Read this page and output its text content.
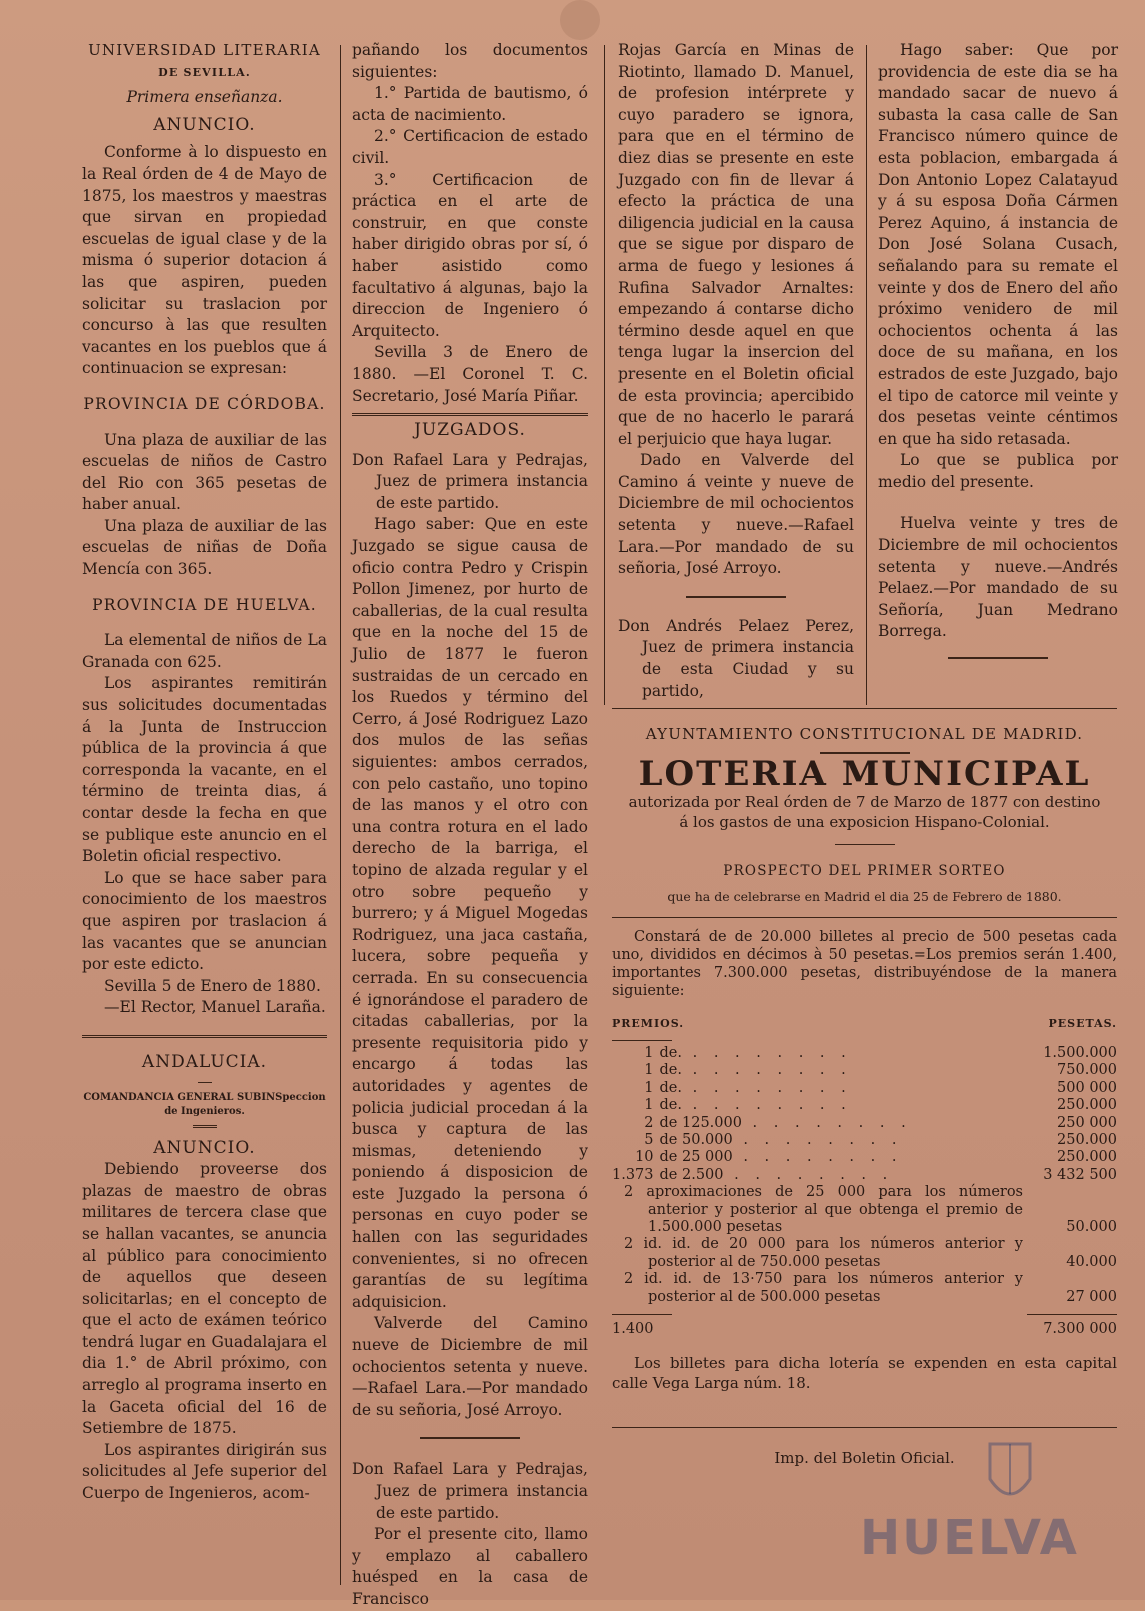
UNIVERSIDAD LITERARIA

DE SEVILLA.

Primera enseñanza.

ANUNCIO.

Conforme à lo dispuesto en la Real órden de 4 de Mayo de 1875, los maestros y maestras que sirvan en propiedad escuelas de igual clase y de la misma ó superior dotacion á las que aspiren, pueden solicitar su traslacion por concurso à las que resulten vacantes en los pueblos que á continuacion se expresan:

PROVINCIA DE CÓRDOBA.

Una plaza de auxiliar de las escuelas de niños de Castro del Rio con 365 pesetas de haber anual.

Una plaza de auxiliar de las escuelas de niñas de Doña Mencía con 365.

PROVINCIA DE HUELVA.

La elemental de niños de La Granada con 625.

Los aspirantes remitirán sus solicitudes documentadas á la Junta de Instruccion pública de la provincia á que corresponda la vacante, en el término de treinta dias, á contar desde la fecha en que se publique este anuncio en el Boletin oficial respectivo.

Lo que se hace saber para conocimiento de los maestros que aspiren por traslacion á las vacantes que se anuncian por este edicto.

Sevilla 5 de Enero de 1880.

—El Rector, Manuel Laraña.

ANDALUCIA.

COMANDANCIA GENERAL SUBINSpeccion de Ingenieros.

ANUNCIO.

Debiendo proveerse dos plazas de maestro de obras militares de tercera clase que se hallan vacantes, se anuncia al público para conocimiento de aquellos que deseen solicitarlas; en el concepto de que el acto de exámen teórico tendrá lugar en Guadalajara el dia 1.° de Abril próximo, con arreglo al programa inserto en la Gaceta oficial del 16 de Setiembre de 1875.

Los aspirantes dirigirán sus solicitudes al Jefe superior del Cuerpo de Ingenieros, acom-

pañando los documentos siguientes:

1.° Partida de bautismo, ó acta de nacimiento.

2.° Certificacion de estado civil.

3.° Certificacion de práctica en el arte de construir, en que conste haber dirigido obras por sí, ó haber asistido como facultativo á algunas, bajo la direccion de Ingeniero ó Arquitecto.

Sevilla 3 de Enero de 1880. —El Coronel T. C. Secretario, José María Piñar.

JUZGADOS.

Don Rafael Lara y Pedrajas, Juez de primera instancia de este partido.

Hago saber: Que en este Juzgado se sigue causa de oficio contra Pedro y Crispin Pollon Jimenez, por hurto de caballerias, de la cual resulta que en la noche del 15 de Julio de 1877 le fueron sustraidas de un cercado en los Ruedos y término del Cerro, á José Rodriguez Lazo dos mulos de las señas siguientes: ambos cerrados, con pelo castaño, uno topino de las manos y el otro con una contra rotura en el lado derecho de la barriga, el topino de alzada regular y el otro sobre pequeño y burrero; y á Miguel Mogedas Rodriguez, una jaca castaña, lucera, sobre pequeña y cerrada. En su consecuencia é ignorándose el paradero de citadas caballerias, por la presente requisitoria pido y encargo á todas las autoridades y agentes de policia judicial procedan á la busca y captura de las mismas, deteniendo y poniendo á disposicion de este Juzgado la persona ó personas en cuyo poder se hallen con las seguridades convenientes, si no ofrecen garantías de su legítima adquisicion.

Valverde del Camino nueve de Diciembre de mil ochocientos setenta y nueve.—Rafael Lara.—Por mandado de su señoria, José Arroyo.

Don Rafael Lara y Pedrajas, Juez de primera instancia de este partido.

Por el presente cito, llamo y emplazo al caballero huésped en la casa de Francisco

Rojas García en Minas de Riotinto, llamado D. Manuel, de profesion intérprete y cuyo paradero se ignora, para que en el término de diez dias se presente en este Juzgado con fin de llevar á efecto la práctica de una diligencia judicial en la causa que se sigue por disparo de arma de fuego y lesiones á Rufina Salvador Arnaltes: empezando á contarse dicho término desde aquel en que tenga lugar la insercion del presente en el Boletin oficial de esta provincia; apercibido que de no hacerlo le parará el perjuicio que haya lugar.

Dado en Valverde del Camino á veinte y nueve de Diciembre de mil ochocientos setenta y nueve.—Rafael Lara.—Por mandado de su señoria, José Arroyo.

Don Andrés Pelaez Perez, Juez de primera instancia de esta Ciudad y su partido,

Hago saber: Que por providencia de este dia se ha mandado sacar de nuevo á subasta la casa calle de San Francisco número quince de esta poblacion, embargada á Don Antonio Lopez Calatayud y á su esposa Doña Cármen Perez Aquino, á instancia de Don José Solana Cusach, señalando para su remate el veinte y dos de Enero del año próximo venidero de mil ochocientos ochenta á las doce de su mañana, en los estrados de este Juzgado, bajo el tipo de catorce mil veinte y dos pesetas veinte céntimos en que ha sido retasada.

Lo que se publica por medio del presente.

Huelva veinte y tres de Diciembre de mil ochocientos setenta y nueve.—Andrés Pelaez.—Por mandado de su Señoría, Juan Medrano Borrega.

AYUNTAMIENTO CONSTITUCIONAL DE MADRID.

LOTERIA MUNICIPAL

autorizada por Real órden de 7 de Marzo de 1877 con destino á los gastos de una exposicion Hispano-Colonial.

PROSPECTO DEL PRIMER SORTEO

que ha de celebrarse en Madrid el dia 25 de Febrero de 1880.

Constará de de 20.000 billetes al precio de 500 pesetas cada uno, divididos en décimos à 50 pesetas.=Los premios serán 1.400, importantes 7.300.000 pesetas, distribuyéndose de la manera siguiente:

PREMIOS.	PESETAS.
1	de. . . . . . . . .	1.500.000
1	de. . . . . . . . .	750.000
1	de. . . . . . . . .	500 000
1	de. . . . . . . . .	250.000
2	de 125.000 . . . . . . . .	250 000
5	de 50.000 . . . . . . . .	250.000
10	de 25 000 . . . . . . . .	250.000
1.373	de 2.500 . . . . . . . .	3 432 500

2 aproximaciones de 25 000 para los números anterior y posterior al que obtenga el premio de 1.500.000 pesetas	50.000

2 id. id. de 20 000 para los números anterior y posterior al de 750.000 pesetas	40.000

2 id. id. de 13·750 para los números anterior y posterior al de 500.000 pesetas	27 000
1.400	7.300 000

Los billetes para dicha lotería se expenden en esta capital calle Vega Larga núm. 18.

Imp. del Boletin Oficial.

HUELVA
